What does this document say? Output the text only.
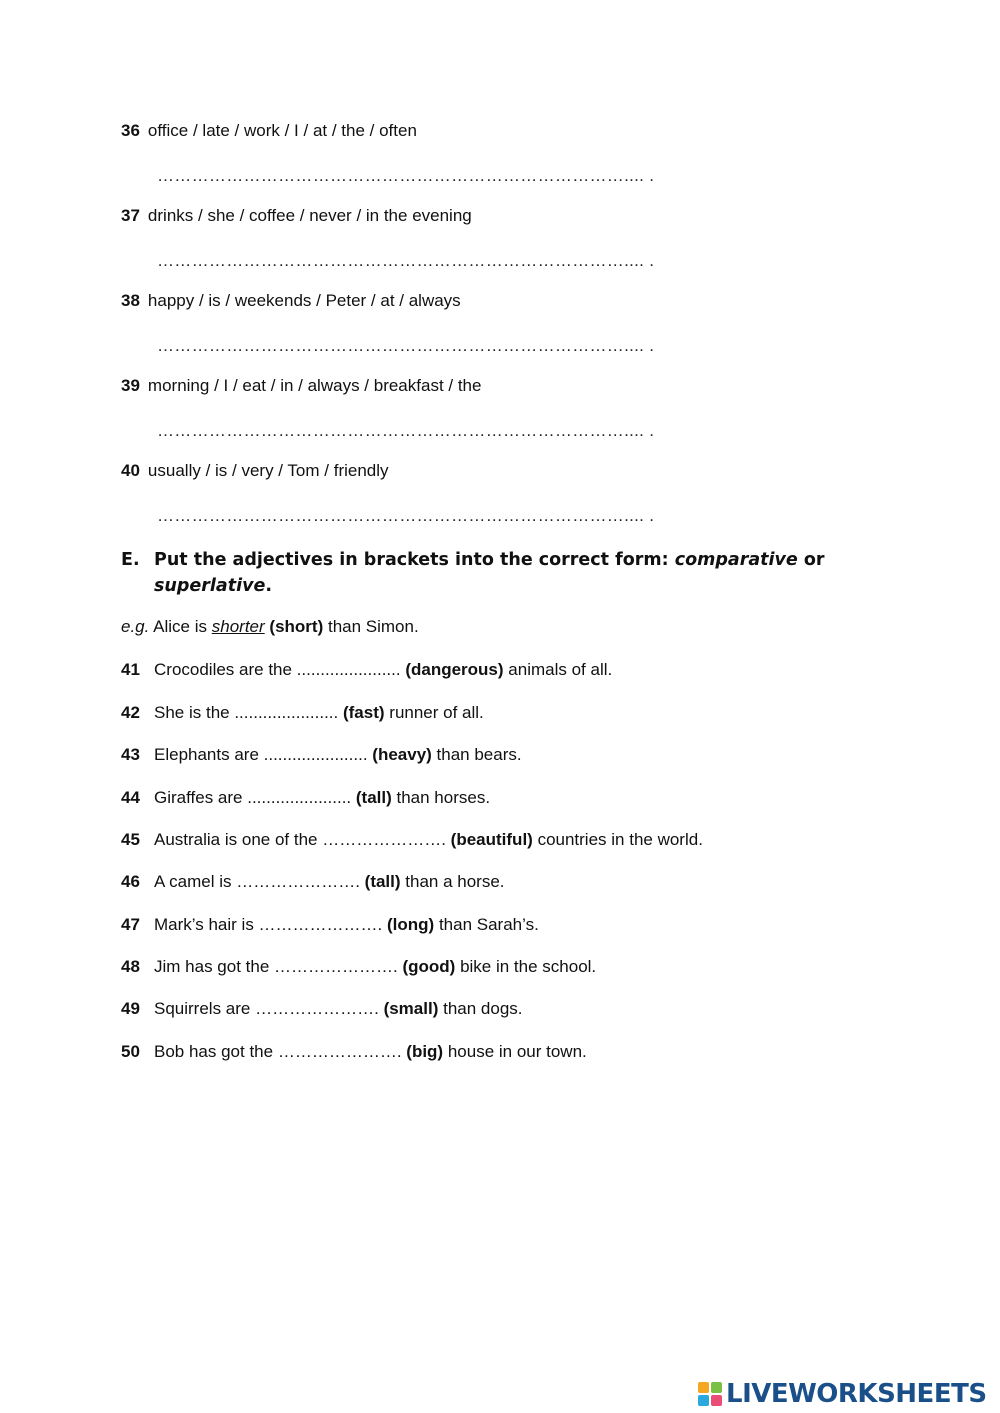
36 office / late / work / I / at / the / often
……………………………………………………………………….... .
37 drinks / she / coffee / never / in the evening
……………………………………………………………………….... .
38 happy / is / weekends / Peter / at / always
……………………………………………………………………….... .
39 morning / I / eat / in / always / breakfast / the
……………………………………………………………………….... .
40 usually / is / very / Tom / friendly
……………………………………………………………………….... .
E. Put the adjectives in brackets into the correct form: comparative or
superlative.
e.g. Alice is shorter (short) than Simon.
41 Crocodiles are the ...................... (dangerous) animals of all.
42 She is the ...................... (fast) runner of all.
43 Elephants are ...................... (heavy) than bears.
44 Giraffes are ...................... (tall) than horses.
45 Australia is one of the …………………. (beautiful) countries in the world.
46 A camel is …………………. (tall) than a horse.
47 Mark’s hair is …………………. (long) than Sarah’s.
48 Jim has got the …………………. (good) bike in the school.
49 Squirrels are …………………. (small) than dogs.
50 Bob has got the …………………. (big) house in our town.
LIVEWORKSHEETS
